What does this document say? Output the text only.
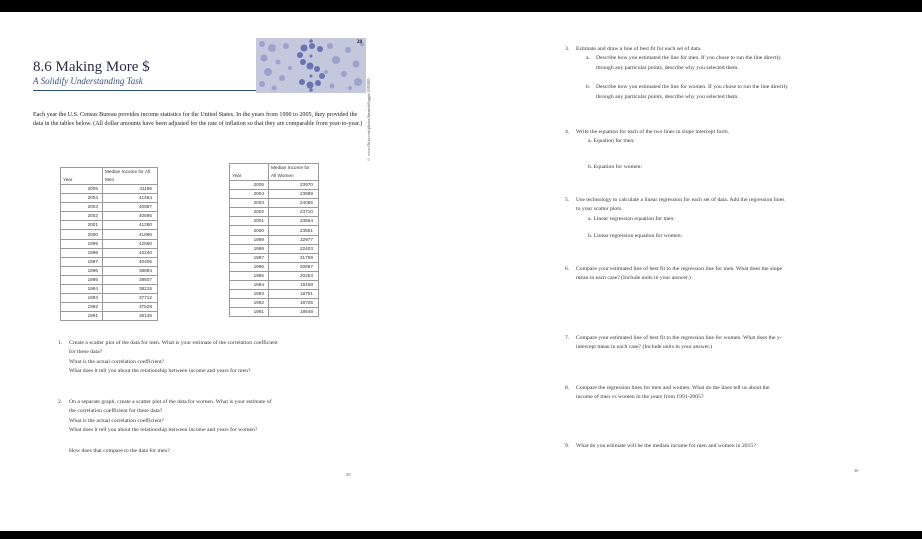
8.6 Making More $
A Solidify Understanding Task
28
© www.flickr.com/photos/financeblogger/4585885
Each year the U.S. Census Bureau provides income statistics for the United States. In the years from 1990 to 2005, they provided the data in the tables below. (All dollar amounts have been adjusted for the rate of inflation so that they are comparable from year-to-year.)
Year	Median Income for All Men
2005	41196
2004	41464
2003	40987
2002	40595
2001	41280
2000	41896
1999	42560
1998	42240
1997	40406
1996	38894
1995	38607
1994	38215
1993	37712
1992	37528
1991	38145
Year	Median Income for All Women
2005	23970
2004	23989
2003	24065
2002	23710
2001	23564
2000	23551
1999	22977
1998	22403
1997	21759
1996	20957
1995	20253
1994	19158
1993	18751
1992	18725
1991	18649
1. Create a scatter plot of the data for men. What is your estimate of the correlation coefficient
for these data?
What is the actual correlation coefficient?
What does it tell you about the relationship between income and years for men?
2. On a separate graph, create a scatter plot of the data for women. What is your estimate of
the correlation coefficient for these data?
What is the actual correlation coefficient?
What does it tell you about the relationship between income and years for women?
How does that compare to the data for men?
29
3. Estimate and draw a line of best fit for each set of data.
a. Describe how you estimated the line for men. If you chose to run the line directly
through any particular points, describe why you selected them.
b. Describe how you estimated the line for women. If you chose to run the line directly
through any particular points, describe why you selected them.
4. Write the equation for each of the two lines in slope intercept form.
a. Equation for men:
b. Equation for women:
5. Use technology to calculate a linear regression for each set of data. Add the regression lines
to your scatter plots.
a. Linear regression equation for men:
b. Linear regression equation for women:
6. Compare your estimated line of best fit to the regression line for men. What does the slope
mean in each case? (Include units in your answer.)
7. Compare your estimated line of best fit to the regression line for women. What does the y-
intercept mean in each case? (Include units in your answer.)
8. Compare the regression lines for men and women. What do the lines tell us about the
income of men vs women in the years from 1991-2005?
9. What do you estimate will be the median income for men and women in 2015?
30
